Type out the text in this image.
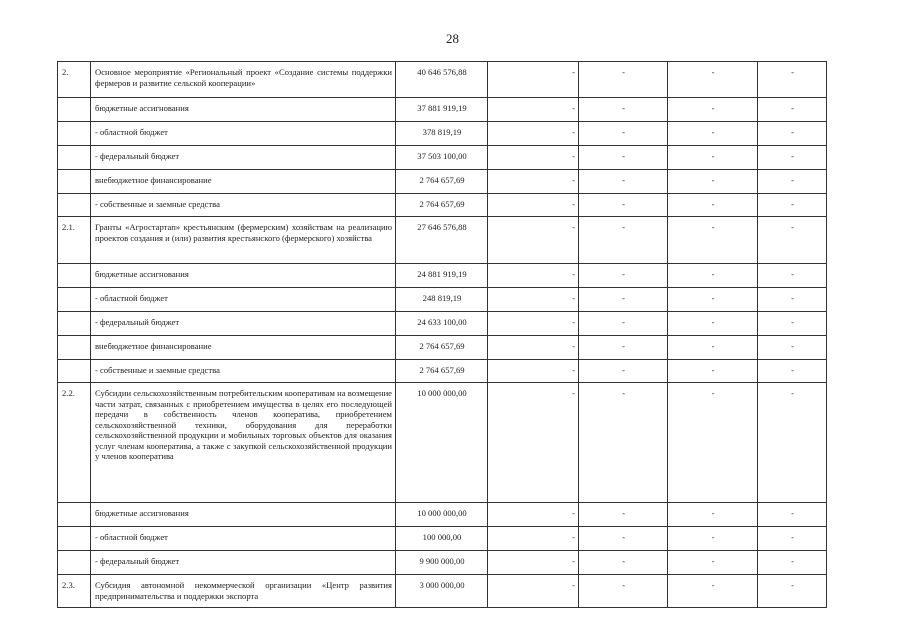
28
2.	Основное мероприятие «Региональный проект «Создание системы поддержки фермеров и развитие сельской кооперации»	40 646 576,88	-	-	-	-
	бюджетные ассигнования	37 881 919,19	-	-	-	-
	- областной бюджет	378 819,19	-	-	-	-
	- федеральный бюджет	37 503 100,00	-	-	-	-
	внебюджетное финансирование	2 764 657,69	-	-	-	-
	- собственные и заемные средства	2 764 657,69	-	-	-	-
2.1.	Гранты «Агростартап» крестьянским (фермерским) хозяйствам на реализацию проектов создания и (или) развития крестьянского (фермерского) хозяйства	27 646 576,88	-	-	-	-
	бюджетные ассигнования	24 881 919,19	-	-	-	-
	- областной бюджет	248 819,19	-	-	-	-
	- федеральный бюджет	24 633 100,00	-	-	-	-
	внебюджетное финансирование	2 764 657,69	-	-	-	-
	- собственные и заемные средства	2 764 657,69	-	-	-	-
2.2.	Субсидии сельскохозяйственным потребительским кооперативам на возмещение части затрат, связанных с приобретением имущества в целях его последующей передачи в собственность членов кооператива, приобретением сельскохозяйственной техники, оборудования для переработки сельскохозяйственной продукции и мобильных торговых объектов для оказания услуг членам кооператива, а также с закупкой сельскохозяйственной продукции у членов кооператива	10 000 000,00	-	-	-	-
	бюджетные ассигнования	10 000 000,00	-	-	-	-
	- областной бюджет	100 000,00	-	-	-	-
	- федеральный бюджет	9 900 000,00	-	-	-	-
2.3.	Субсидия автономной некоммерческой организации «Центр развития предпринимательства и поддержки экспорта	3 000 000,00	-	-	-	-
